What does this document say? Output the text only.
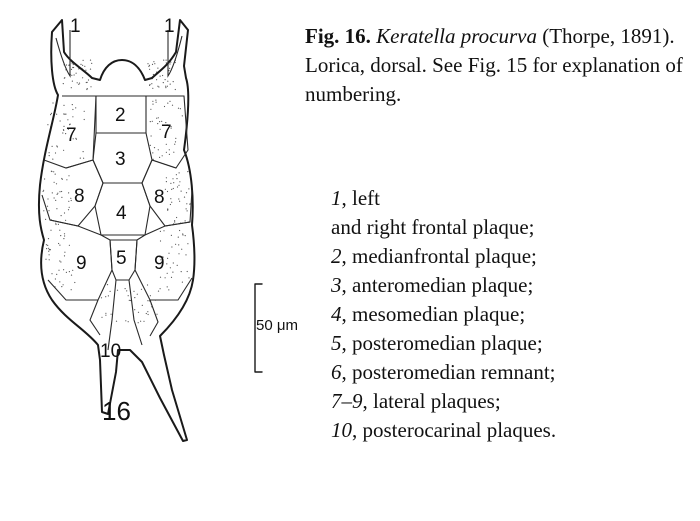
1	1
2
3
4
5
7	7
8	8
9	9
10
16
50 μm
Fig. 16. Keratella procurva (Thorpe, 1891). Lorica, dorsal. See Fig. 15 for explanation of numbering.
1, left
and right frontal plaque;
2, medianfrontal plaque;
3, anteromedian plaque;
4, mesomedian plaque;
5, posteromedian plaque;
6, posteromedian remnant;
7–9, lateral plaques;
10, posterocarinal plaques.
